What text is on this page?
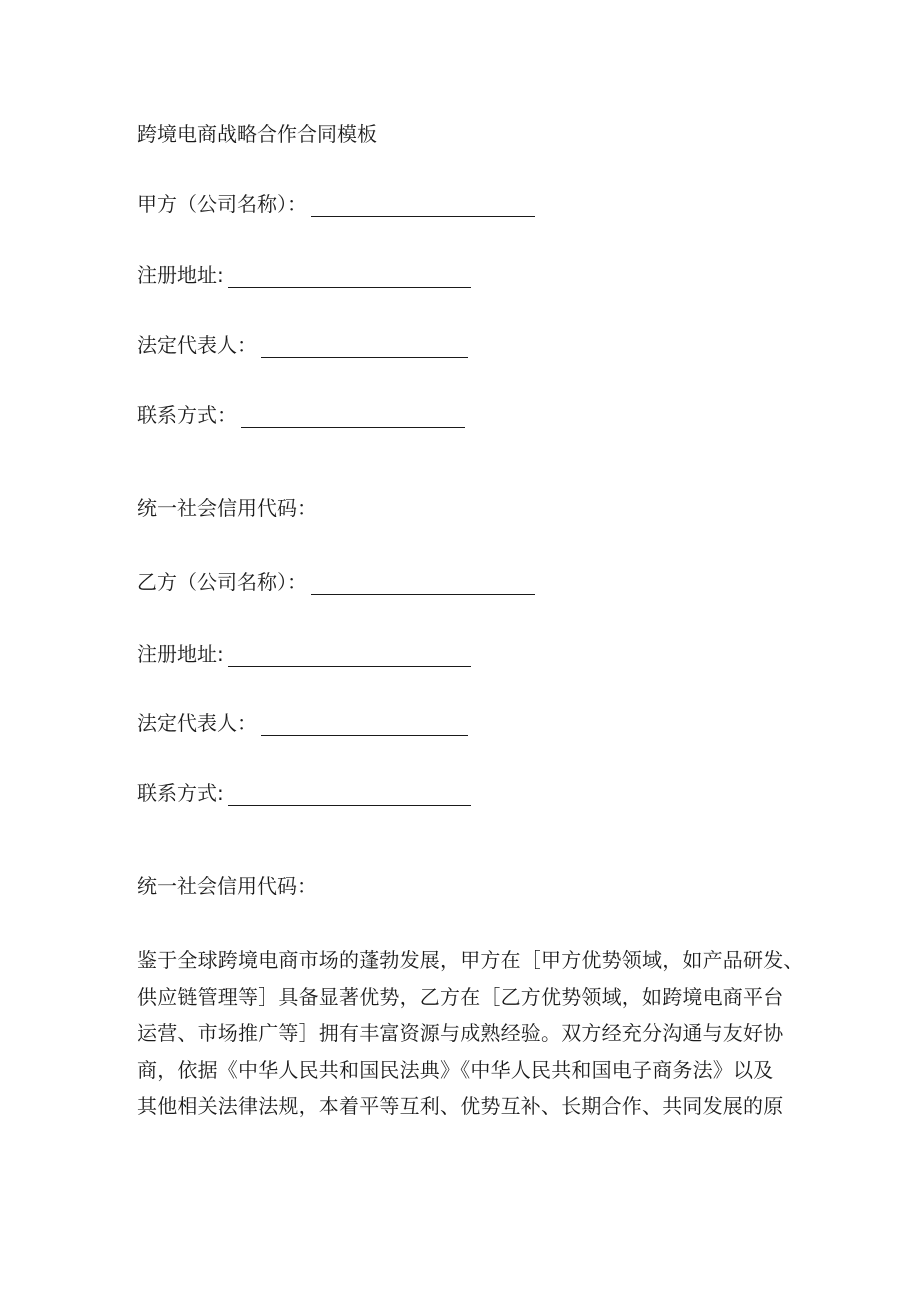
跨境电商战略合作合同模板
甲方（公司名称）：
注册地址:
法定代表人：
联系方式：
统一社会信用代码：
乙方（公司名称）：
注册地址:
法定代表人：
联系方式:
统一社会信用代码：

鉴于全球跨境电商市场的蓬勃发展，甲方在［甲方优势领域，如产品研发、

供应链管理等］具备显著优势，乙方在［乙方优势领域，如跨境电商平台

运营、市场推广等］拥有丰富资源与成熟经验。双方经充分沟通与友好协

商，依据《中华人民共和国民法典》《中华人民共和国电子商务法》以及

其他相关法律法规，本着平等互利、优势互补、长期合作、共同发展的原
